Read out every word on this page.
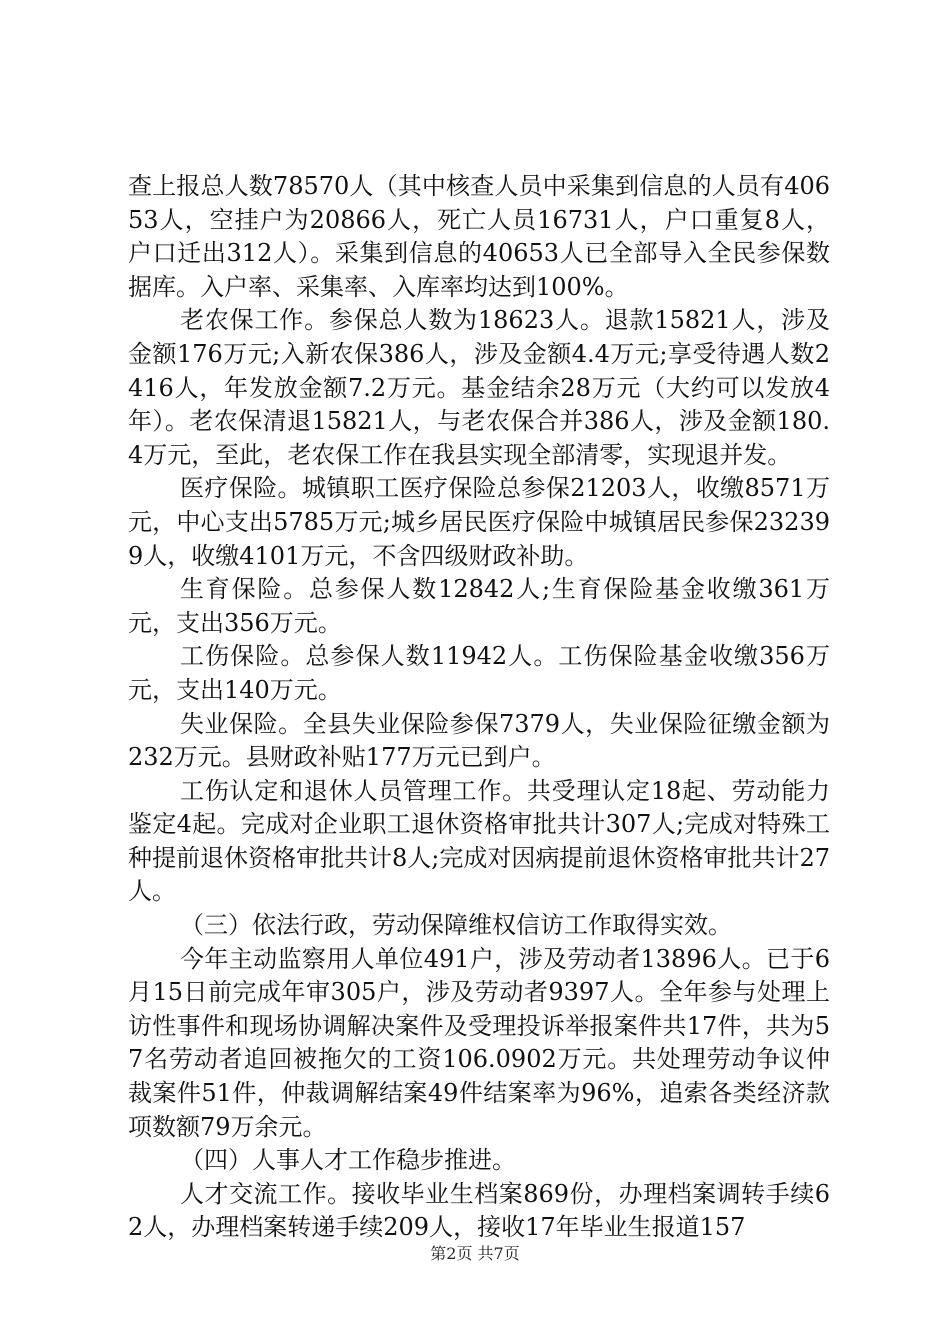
查上报总人数78570人（其中核查人员中采集到信息的人员有40653人，空挂户为20866人，死亡人员16731人，户口重复8人，户口迁出312人）。采集到信息的40653人已全部导入全民参保数据库。入户率、采集率、入库率均达到100%。

老农保工作。参保总人数为18623人。退款15821人，涉及金额176万元;入新农保386人，涉及金额4.4万元;享受待遇人数2416人，年发放金额7.2万元。基金结余28万元（大约可以发放4年）。老农保清退15821人，与老农保合并386人，涉及金额180.4万元，至此，老农保工作在我县实现全部清零，实现退并发。

医疗保险。城镇职工医疗保险总参保21203人，收缴8571万元，中心支出5785万元;城乡居民医疗保险中城镇居民参保232399人，收缴4101万元，不含四级财政补助。

生育保险。总参保人数12842人;生育保险基金收缴361万元，支出356万元。

工伤保险。总参保人数11942人。工伤保险基金收缴356万元，支出140万元。

失业保险。全县失业保险参保7379人，失业保险征缴金额为232万元。县财政补贴177万元已到户。

工伤认定和退休人员管理工作。共受理认定18起、劳动能力鉴定4起。完成对企业职工退休资格审批共计307人;完成对特殊工种提前退休资格审批共计8人;完成对因病提前退休资格审批共计27人。

（三）依法行政，劳动保障维权信访工作取得实效。

今年主动监察用人单位491户，涉及劳动者13896人。已于6月15日前完成年审305户，涉及劳动者9397人。全年参与处理上访性事件和现场协调解决案件及受理投诉举报案件共17件，共为57名劳动者追回被拖欠的工资106.0902万元。共处理劳动争议仲裁案件51件，仲裁调解结案49件结案率为96%，追索各类经济款项数额79万余元。

（四）人事人才工作稳步推进。

人才交流工作。接收毕业生档案869份，办理档案调转手续62人，办理档案转递手续209人，接收17年毕业生报道157

第2页 共7页
